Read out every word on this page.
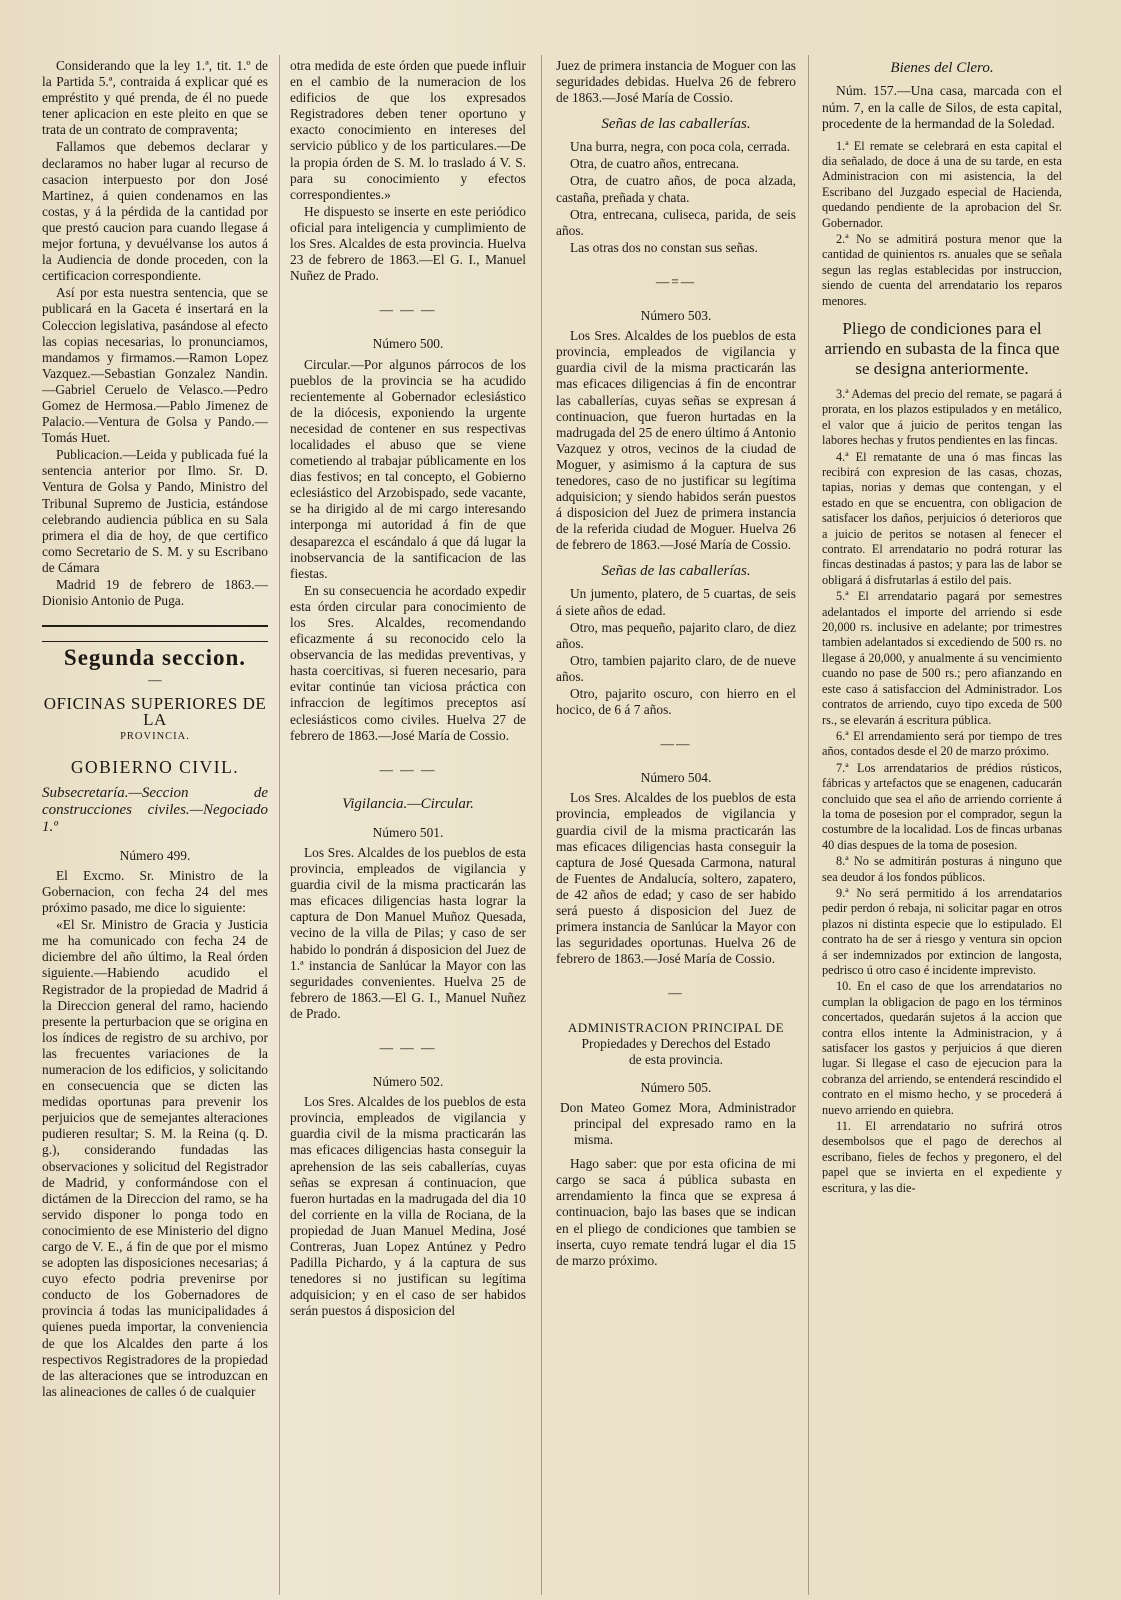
Considerando que la ley 1.ª, tit. 1.º de la Partida 5.ª, contraida á explicar qué es empréstito y qué prenda, de él no puede tener aplicacion en este pleito en que se trata de un contrato de compraventa;

Fallamos que debemos declarar y declaramos no haber lugar al recurso de casacion interpuesto por don José Martinez, á quien condenamos en las costas, y á la pérdida de la cantidad por que prestó caucion para cuando llegase á mejor fortuna, y devuélvanse los autos á la Audiencia de donde proceden, con la certificacion correspondiente.

Así por esta nuestra sentencia, que se publicará en la Gaceta é insertará en la Coleccion legislativa, pasándose al efecto las copias necesarias, lo pronunciamos, mandamos y firmamos.—Ramon Lopez Vazquez.—Sebastian Gonzalez Nandin.—Gabriel Ceruelo de Velasco.—Pedro Gomez de Hermosa.—Pablo Jimenez de Palacio.—Ventura de Golsa y Pando.—Tomás Huet.

Publicacion.—Leida y publicada fué la sentencia anterior por Ilmo. Sr. D. Ventura de Golsa y Pando, Ministro del Tribunal Supremo de Justicia, estándose celebrando audiencia pública en su Sala primera el dia de hoy, de que certifico como Secretario de S. M. y su Escribano de Cámara

Madrid 19 de febrero de 1863.—Dionisio Antonio de Puga.

Segunda seccion.
—
OFICINAS SUPERIORES DE LA
PROVINCIA.
GOBIERNO CIVIL.
Subsecretaría.—Seccion de construcciones civiles.—Negociado 1.º
Número 499.

El Excmo. Sr. Ministro de la Gobernacion, con fecha 24 del mes próximo pasado, me dice lo siguiente:

«El Sr. Ministro de Gracia y Justicia me ha comunicado con fecha 24 de diciembre del año último, la Real órden siguiente.—Habiendo acudido el Registrador de la propiedad de Madrid á la Direccion general del ramo, haciendo presente la perturbacion que se origina en los índices de registro de su archivo, por las frecuentes variaciones de la numeracion de los edificios, y solicitando en consecuencia que se dicten las medidas oportunas para prevenir los perjuicios que de semejantes alteraciones pudieren resultar; S. M. la Reina (q. D. g.), considerando fundadas las observaciones y solicitud del Registrador de Madrid, y conformándose con el dictámen de la Direccion del ramo, se ha servido disponer lo ponga todo en conocimiento de ese Ministerio del digno cargo de V. E., á fin de que por el mismo se adopten las disposiciones necesarias; á cuyo efecto podria prevenirse por conducto de los Gobernadores de provincia á todas las municipalidades á quienes pueda importar, la conveniencia de que los Alcaldes den parte á los respectivos Registradores de la propiedad de las alteraciones que se introduzcan en las alineaciones de calles ó de cualquier

otra medida de este órden que puede influir en el cambio de la numeracion de los edificios de que los expresados Registradores deben tener oportuno y exacto conocimiento en intereses del servicio público y de los particulares.—De la propia órden de S. M. lo traslado á V. S. para su conocimiento y efectos correspondientes.»

He dispuesto se inserte en este periódico oficial para inteligencia y cumplimiento de los Sres. Alcaldes de esta provincia. Huelva 23 de febrero de 1863.—El G. I., Manuel Nuñez de Prado.

— — —
Número 500.

Circular.—Por algunos párrocos de los pueblos de la provincia se ha acudido recientemente al Gobernador eclesiástico de la diócesis, exponiendo la urgente necesidad de contener en sus respectivas localidades el abuso que se viene cometiendo al trabajar públicamente en los dias festivos; en tal concepto, el Gobierno eclesiástico del Arzobispado, sede vacante, se ha dirigido al de mi cargo interesando interponga mi autoridad á fin de que desaparezca el escándalo á que dá lugar la inobservancia de la santificacion de las fiestas.

En su consecuencia he acordado expedir esta órden circular para conocimiento de los Sres. Alcaldes, recomendando eficazmente á su reconocido celo la observancia de las medidas preventivas, y hasta coercitivas, si fueren necesario, para evitar continúe tan viciosa práctica con infraccion de legítimos preceptos así eclesiásticos como civiles. Huelva 27 de febrero de 1863.—José María de Cossio.

— — —
Vigilancia.—Circular.
Número 501.

Los Sres. Alcaldes de los pueblos de esta provincia, empleados de vigilancia y guardia civil de la misma practicarán las mas eficaces diligencias hasta lograr la captura de Don Manuel Muñoz Quesada, vecino de la villa de Pilas; y caso de ser habido lo pondrán á disposicion del Juez de 1.ª instancia de Sanlúcar la Mayor con las seguridades convenientes. Huelva 25 de febrero de 1863.—El G. I., Manuel Nuñez de Prado.

— — —
Número 502.

Los Sres. Alcaldes de los pueblos de esta provincia, empleados de vigilancia y guardia civil de la misma practicarán las mas eficaces diligencias hasta conseguir la aprehension de las seis caballerías, cuyas señas se expresan á continuacion, que fueron hurtadas en la madrugada del dia 10 del corriente en la villa de Rociana, de la propiedad de Juan Manuel Medina, José Contreras, Juan Lopez Antúnez y Pedro Padilla Pichardo, y á la captura de sus tenedores si no justifican su legítima adquisicion; y en el caso de ser habidos serán puestos á disposicion del

Juez de primera instancia de Moguer con las seguridades debidas. Huelva 26 de febrero de 1863.—José María de Cossio.

Señas de las caballerías.

Una burra, negra, con poca cola, cerrada.

Otra, de cuatro años, entrecana.

Otra, de cuatro años, de poca alzada, castaña, preñada y chata.

Otra, entrecana, culiseca, parida, de seis años.

Las otras dos no constan sus señas.

—=—
Número 503.

Los Sres. Alcaldes de los pueblos de esta provincia, empleados de vigilancia y guardia civil de la misma practicarán las mas eficaces diligencias á fin de encontrar las caballerías, cuyas señas se expresan á continuacion, que fueron hurtadas en la madrugada del 25 de enero último á Antonio Vazquez y otros, vecinos de la ciudad de Moguer, y asimismo á la captura de sus tenedores, caso de no justificar su legítima adquisicion; y siendo habidos serán puestos á disposicion del Juez de primera instancia de la referida ciudad de Moguer. Huelva 26 de febrero de 1863.—José María de Cossio.

Señas de las caballerías.

Un jumento, platero, de 5 cuartas, de seis á siete años de edad.

Otro, mas pequeño, pajarito claro, de diez años.

Otro, tambien pajarito claro, de de nueve años.

Otro, pajarito oscuro, con hierro en el hocico, de 6 á 7 años.

——
Número 504.

Los Sres. Alcaldes de los pueblos de esta provincia, empleados de vigilancia y guardia civil de la misma practicarán las mas eficaces diligencias hasta conseguir la captura de José Quesada Carmona, natural de Fuentes de Andalucía, soltero, zapatero, de 42 años de edad; y caso de ser habido será puesto á disposicion del Juez de primera instancia de Sanlúcar la Mayor con las seguridades oportunas. Huelva 26 de febrero de 1863.—José María de Cossio.

—
ADMINISTRACION PRINCIPAL DE
Propiedades y Derechos del Estado
de esta provincia.
Número 505.

Don Mateo Gomez Mora, Administrador principal del expresado ramo en la misma.

Hago saber: que por esta oficina de mi cargo se saca á pública subasta en arrendamiento la finca que se expresa á continuacion, bajo las bases que se indican en el pliego de condiciones que tambien se inserta, cuyo remate tendrá lugar el dia 15 de marzo próximo.

Bienes del Clero.

Núm. 157.—Una casa, marcada con el núm. 7, en la calle de Silos, de esta capital, procedente de la hermandad de la Soledad.

1.ª El remate se celebrará en esta capital el dia señalado, de doce á una de su tarde, en esta Administracion con mi asistencia, la del Escribano del Juzgado especial de Hacienda, quedando pendiente de la aprobacion del Sr. Gobernador.

2.ª No se admitirá postura menor que la cantidad de quinientos rs. anuales que se señala segun las reglas establecidas por instruccion, siendo de cuenta del arrendatario los reparos menores.

Pliego de condiciones para el arriendo en subasta de la finca que se designa anteriormente.

3.ª Ademas del precio del remate, se pagará á prorata, en los plazos estipulados y en metálico, el valor que á juicio de peritos tengan las labores hechas y frutos pendientes en las fincas.

4.ª El rematante de una ó mas fincas las recibirá con expresion de las casas, chozas, tapias, norias y demas que contengan, y el estado en que se encuentra, con obligacion de satisfacer los daños, perjuicios ó deterioros que a juicio de peritos se notasen al fenecer el contrato. El arrendatario no podrá roturar las fincas destinadas á pastos; y para las de labor se obligará á disfrutarlas á estilo del pais.

5.ª El arrendatario pagará por semestres adelantados el importe del arriendo si esde 20,000 rs. inclusive en adelante; por trimestres tambien adelantados si excediendo de 500 rs. no llegase á 20,000, y anualmente á su vencimiento cuando no pase de 500 rs.; pero afianzando en este caso á satisfaccion del Administrador. Los contratos de arriendo, cuyo tipo exceda de 500 rs., se elevarán á escritura pública.

6.ª El arrendamiento será por tiempo de tres años, contados desde el 20 de marzo próximo.

7.ª Los arrendatarios de prédios rústicos, fábricas y artefactos que se enagenen, caducarán concluido que sea el año de arriendo corriente á la toma de posesion por el comprador, segun la costumbre de la localidad. Los de fincas urbanas 40 dias despues de la toma de posesion.

8.ª No se admitirán posturas á ninguno que sea deudor á los fondos públicos.

9.ª No será permitido á los arrendatarios pedir perdon ó rebaja, ni solicitar pagar en otros plazos ni distinta especie que lo estipulado. El contrato ha de ser á riesgo y ventura sin opcion á ser indemnizados por extincion de langosta, pedrisco ú otro caso é incidente imprevisto.

10. En el caso de que los arrendatarios no cumplan la obligacion de pago en los términos concertados, quedarán sujetos á la accion que contra ellos intente la Administracion, y á satisfacer los gastos y perjuicios á que dieren lugar. Si llegase el caso de ejecucion para la cobranza del arriendo, se entenderá rescindido el contrato en el mismo hecho, y se procederá á nuevo arriendo en quiebra.

11. El arrendatario no sufrirá otros desembolsos que el pago de derechos al escribano, fieles de fechos y pregonero, el del papel que se invierta en el expediente y escritura, y las die-
